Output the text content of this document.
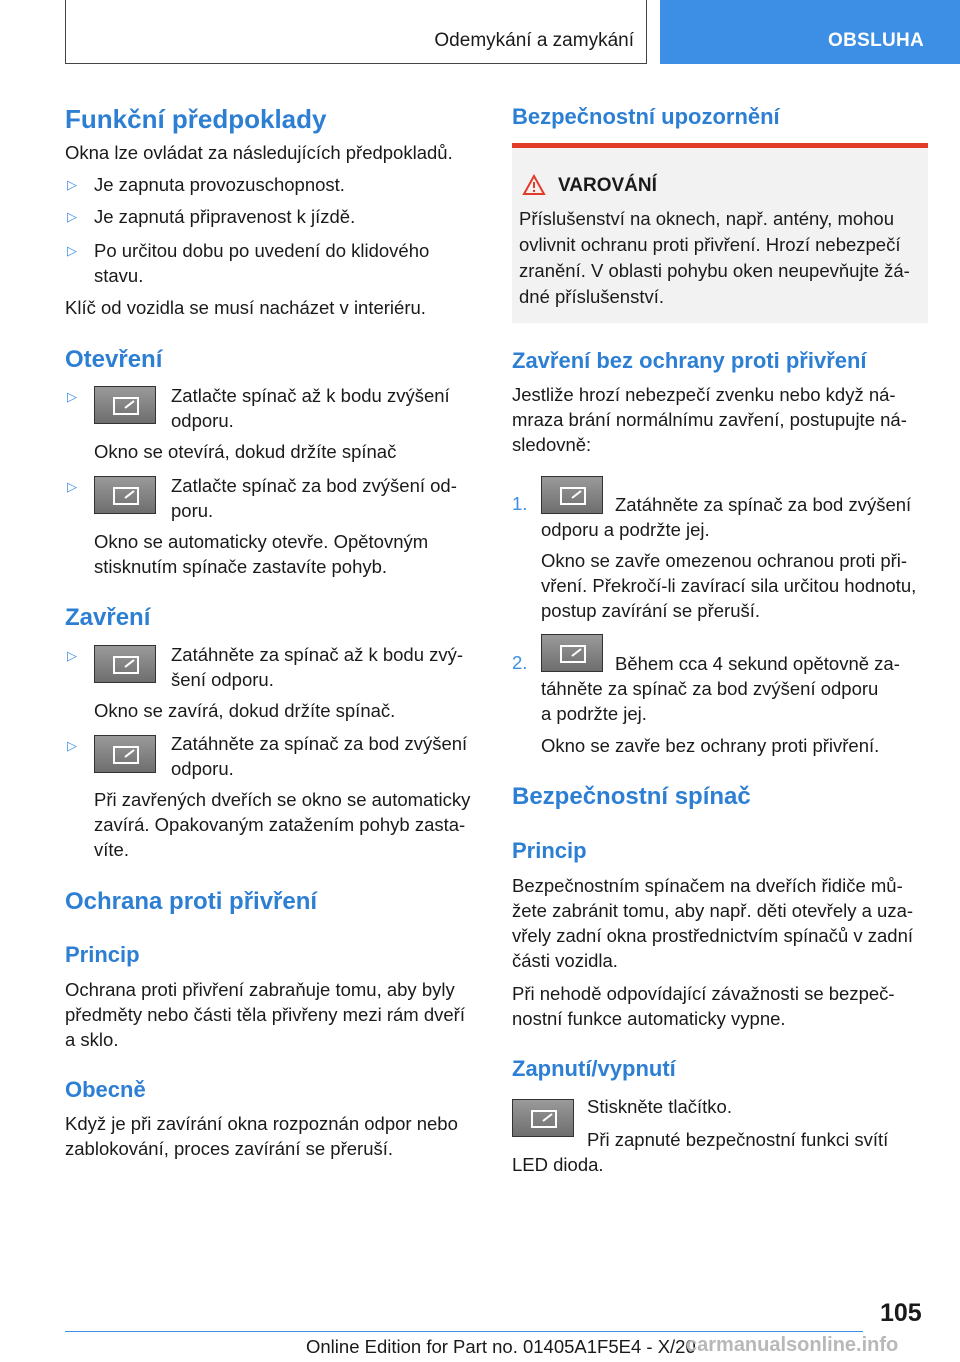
Odemykání a zamykání	OBSLUHA
Funkční předpoklady

Okna lze ovládat za následujících předpokladů.

▷ Je zapnuta provozuschopnost.

▷ Je zapnutá připravenost k jízdě.

▷ Po určitou dobu po uvedení do klidového

stavu.

Klíč od vozidla se musí nacházet v interiéru.

Otevření
▷	Zatlačte spínač až k bodu zvýšení

odporu.

Okno se otevírá, dokud držíte spínač

▷	Zatlačte spínač za bod zvýšení od-

poru.

Okno se automaticky otevře. Opětovným

stisknutím spínače zastavíte pohyb.

Zavření
▷	Zatáhněte za spínač až k bodu zvý-

šení odporu.

Okno se zavírá, dokud držíte spínač.

▷	Zatáhněte za spínač za bod zvýšení

odporu.

Při zavřených dveřích se okno se automaticky

zavírá. Opakovaným zatažením pohyb zasta-

víte.

Ochrana proti přivření
Princip

Ochrana proti přivření zabraňuje tomu, aby byly

předměty nebo části těla přivřeny mezi rám dveří

a sklo.

Obecně

Když je při zavírání okna rozpoznán odpor nebo

zablokování, proces zavírání se přeruší.

Bezpečnostní upozornění
VAROVÁNÍ

Příslušenství na oknech, např. antény, mohou

ovlivnit ochranu proti přivření. Hrozí nebezpečí

zranění. V oblasti pohybu oken neupevňujte žá-

dné příslušenství.

Zavření bez ochrany proti přivření

Jestliže hrozí nebezpečí zvenku nebo když ná-

mraza brání normálnímu zavření, postupujte ná-

sledovně:

1.	Zatáhněte za spínač za bod zvýšení

odporu a podržte jej.

Okno se zavře omezenou ochranou proti při-

vření. Překročí-li zavírací sila určitou hodnotu,

postup zavírání se přeruší.

2.	Během cca 4 sekund opětovně za-

táhněte za spínač za bod zvýšení odporu

a podržte jej.

Okno se zavře bez ochrany proti přivření.

Bezpečnostní spínač
Princip

Bezpečnostním spínačem na dveřích řidiče mů-

žete zabránit tomu, aby např. děti otevřely a uza-

vřely zadní okna prostřednictvím spínačů v zadní

části vozidla.

Při nehodě odpovídající závažnosti se bezpeč-

nostní funkce automaticky vypne.

Zapnutí/vypnutí

Stiskněte tlačítko.

Při zapnuté bezpečnostní funkci svítí

LED dioda.

105
Online Edition for Part no. 01405A1F5E4 - X/20
carmanualsonline.info
